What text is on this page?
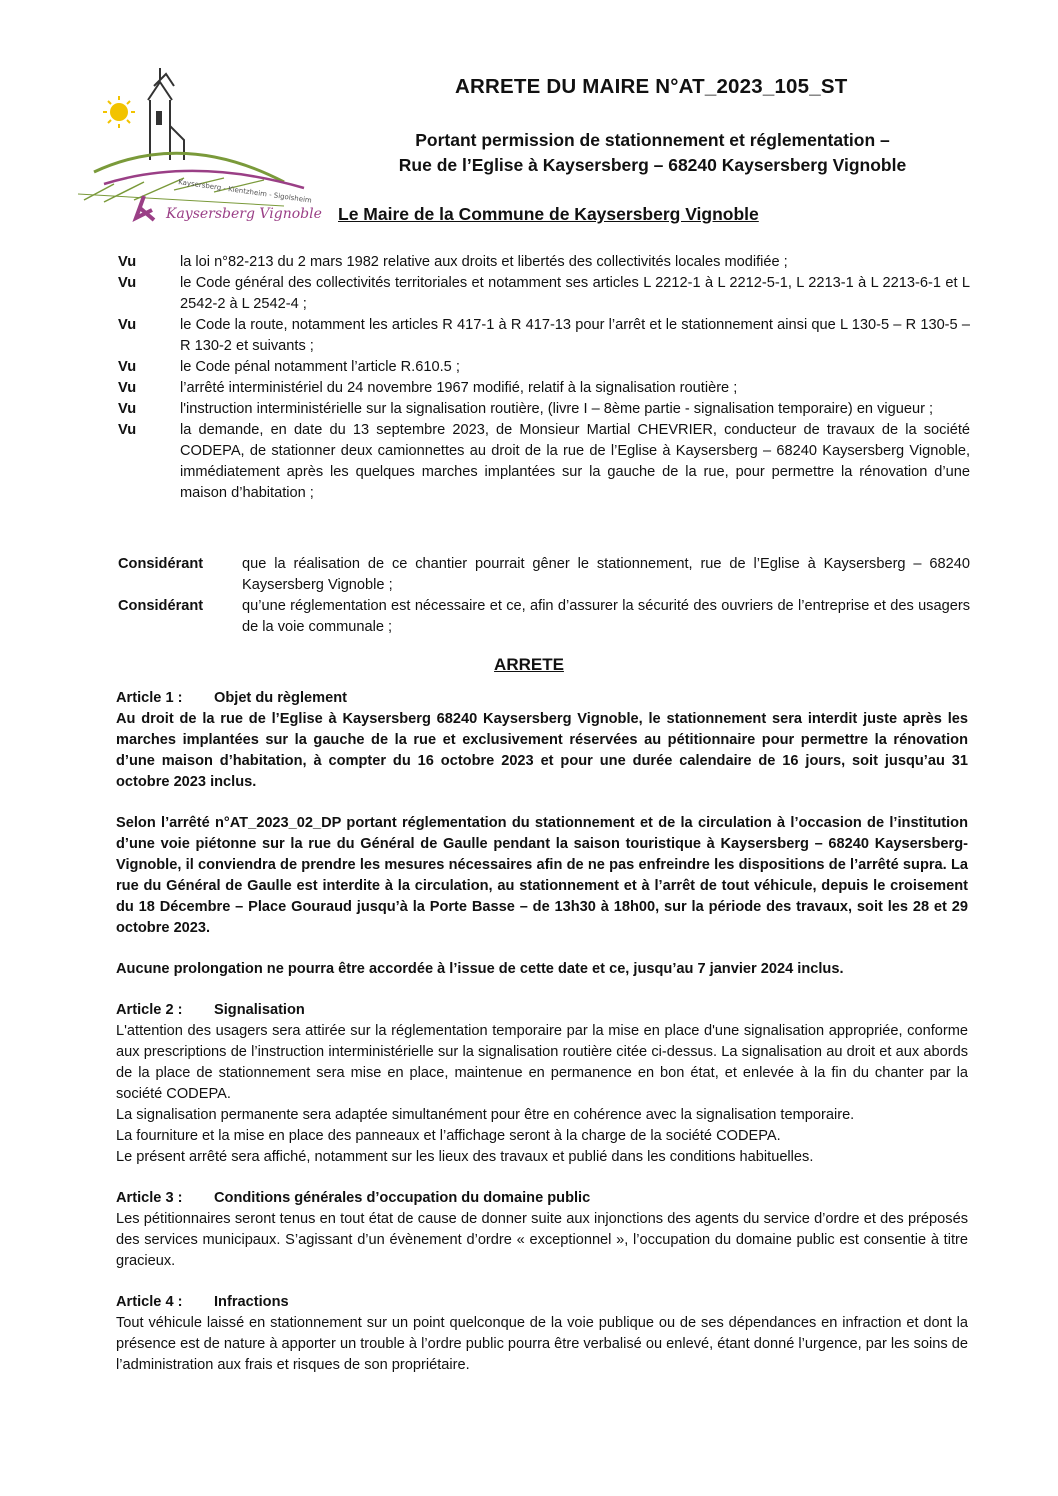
Kaysersberg - Kientzheim - Sigolsheim
Kaysersberg Vignoble
ARRETE DU MAIRE N°AT_2023_105_ST
Portant permission de stationnement et réglementation –
Rue de l’Eglise à Kaysersberg – 68240 Kaysersberg Vignoble
Le Maire de la Commune de Kaysersberg Vignoble
Vu	la loi n°82-213 du 2 mars 1982 relative aux droits et libertés des collectivités locales modifiée ;
Vu	le Code général des collectivités territoriales et notamment ses articles L 2212-1 à L 2212-5-1, L 2213-1 à L 2213-6-1 et L 2542-2 à L 2542-4 ;
Vu	le Code la route, notamment les articles R 417-1 à R 417-13 pour l’arrêt et le stationnement ainsi que L 130-5 – R 130-5 – R 130-2 et suivants ;
Vu	le Code pénal notamment l’article R.610.5 ;
Vu	l’arrêté interministériel du 24 novembre 1967 modifié, relatif à la signalisation routière ;
Vu	l'instruction interministérielle sur la signalisation routière, (livre I – 8ème partie - signalisation temporaire) en vigueur ;
Vu	la demande, en date du 13 septembre 2023, de Monsieur Martial CHEVRIER, conducteur de travaux de la société CODEPA, de stationner deux camionnettes au droit de la rue de l’Eglise à Kaysersberg – 68240 Kaysersberg Vignoble, immédiatement après les quelques marches implantées sur la gauche de la rue, pour permettre la rénovation d’une maison d’habitation ;
Considérant	que la réalisation de ce chantier pourrait gêner le stationnement, rue de l’Eglise à Kaysersberg – 68240 Kaysersberg Vignoble ;
Considérant	qu’une réglementation est nécessaire et ce, afin d’assurer la sécurité des ouvriers de l’entreprise et des usagers de la voie communale ;
ARRETE
Article 1 :	Objet du règlement

Au droit de la rue de l’Eglise à Kaysersberg 68240 Kaysersberg Vignoble, le stationnement sera interdit juste après les marches implantées sur la gauche de la rue et exclusivement réservées au pétitionnaire pour permettre la rénovation d’une maison d’habitation, à compter du 16 octobre 2023 et pour une durée calendaire de 16 jours, soit jusqu’au 31 octobre 2023 inclus.

Selon l’arrêté n°AT_2023_02_DP portant réglementation du stationnement et de la circulation à l’occasion de l’institution d’une voie piétonne sur la rue du Général de Gaulle pendant la saison touristique à Kaysersberg – 68240 Kaysersberg-Vignoble, il conviendra de prendre les mesures nécessaires afin de ne pas enfreindre les dispositions de l’arrêté supra. La rue du Général de Gaulle est interdite à la circulation, au stationnement et à l’arrêt de tout véhicule, depuis le croisement du 18 Décembre – Place Gouraud jusqu’à la Porte Basse – de 13h30 à 18h00, sur la période des travaux, soit les 28 et 29 octobre 2023.

Aucune prolongation ne pourra être accordée à l’issue de cette date et ce, jusqu’au 7 janvier 2024 inclus.

Article 2 :	Signalisation

L'attention des usagers sera attirée sur la réglementation temporaire par la mise en place d'une signalisation appropriée, conforme aux prescriptions de l’instruction interministérielle sur la signalisation routière citée ci-dessus. La signalisation au droit et aux abords de la place de stationnement sera mise en place, maintenue en permanence en bon état, et enlevée à la fin du chanter par la société CODEPA.

La signalisation permanente sera adaptée simultanément pour être en cohérence avec la signalisation temporaire.

La fourniture et la mise en place des panneaux et l’affichage seront à la charge de la société CODEPA.

Le présent arrêté sera affiché, notamment sur les lieux des travaux et publié dans les conditions habituelles.

Article 3 :	Conditions générales d’occupation du domaine public

Les pétitionnaires seront tenus en tout état de cause de donner suite aux injonctions des agents du service d’ordre et des préposés des services municipaux. S’agissant d’un évènement d’ordre « exceptionnel », l’occupation du domaine public est consentie à titre gracieux.

Article 4 :	Infractions

Tout véhicule laissé en stationnement sur un point quelconque de la voie publique ou de ses dépendances en infraction et dont la présence est de nature à apporter un trouble à l’ordre public pourra être verbalisé ou enlevé, étant donné l’urgence, par les soins de l’administration aux frais et risques de son propriétaire.
